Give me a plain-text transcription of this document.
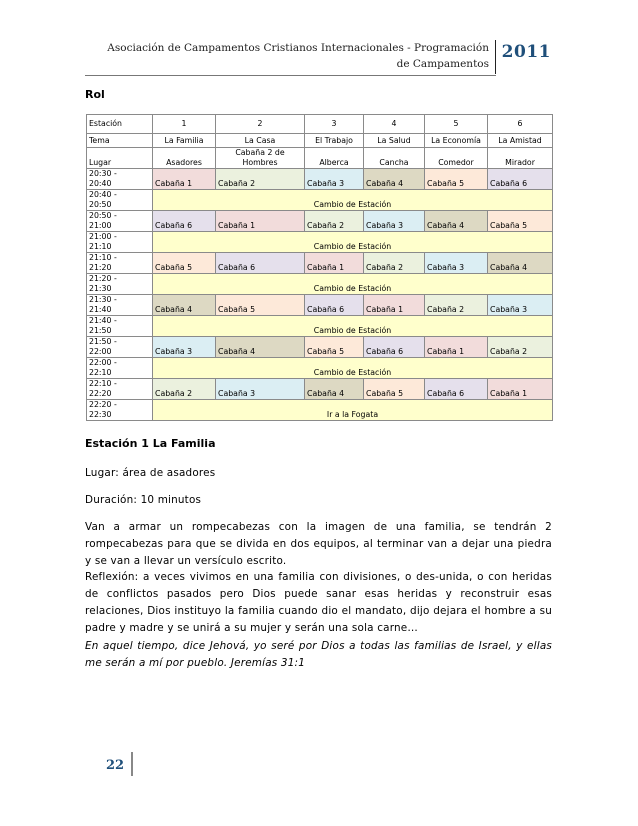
Asociación de Campamentos Cristianos Internacionales - Programación de Campamentos
2011
Rol
Estación	1	2	3	4	5	6
Tema	La Familia	La Casa	El Trabajo	La Salud	La Economía	La Amistad
Lugar	Asadores	Cabaña 2 de Hombres	Alberca	Cancha	Comedor	Mirador
20:30 -
20:40	Cabaña 1	Cabaña 2	Cabaña 3	Cabaña 4	Cabaña 5	Cabaña 6
20:40 -
20:50	Cambio de Estación					
20:50 -
21:00	Cabaña 6	Cabaña 1	Cabaña 2	Cabaña 3	Cabaña 4	Cabaña 5
21:00 -
21:10	Cambio de Estación					
21:10 -
21:20	Cabaña 5	Cabaña 6	Cabaña 1	Cabaña 2	Cabaña 3	Cabaña 4
21:20 -
21:30	Cambio de Estación					
21:30 -
21:40	Cabaña 4	Cabaña 5	Cabaña 6	Cabaña 1	Cabaña 2	Cabaña 3
21:40 -
21:50	Cambio de Estación					
21:50 -
22:00	Cabaña 3	Cabaña 4	Cabaña 5	Cabaña 6	Cabaña 1	Cabaña 2
22:00 -
22:10	Cambio de Estación					
22:10 -
22:20	Cabaña 2	Cabaña 3	Cabaña 4	Cabaña 5	Cabaña 6	Cabaña 1
22:20 -
22:30	Ir a la Fogata					
Estación 1 La Familia
Lugar: área de asadores
Duración: 10 minutos
Van a armar un rompecabezas con la imagen de una familia, se tendrán 2 rompecabezas para que se divida en dos equipos, al terminar van a dejar una piedra y se van a llevar un versículo escrito.
Reflexión: a veces vivimos en una familia con divisiones, o des-unida, o con heridas de conflictos pasados pero Dios puede sanar esas heridas y reconstruir esas relaciones, Dios instituyo la familia cuando dio el mandato, dijo dejara el hombre a su padre y madre y se unirá a su mujer y serán una sola carne…
En aquel tiempo, dice Jehová, yo seré por Dios a todas las familias de Israel, y ellas me serán a mí por pueblo. Jeremías 31:1
22
